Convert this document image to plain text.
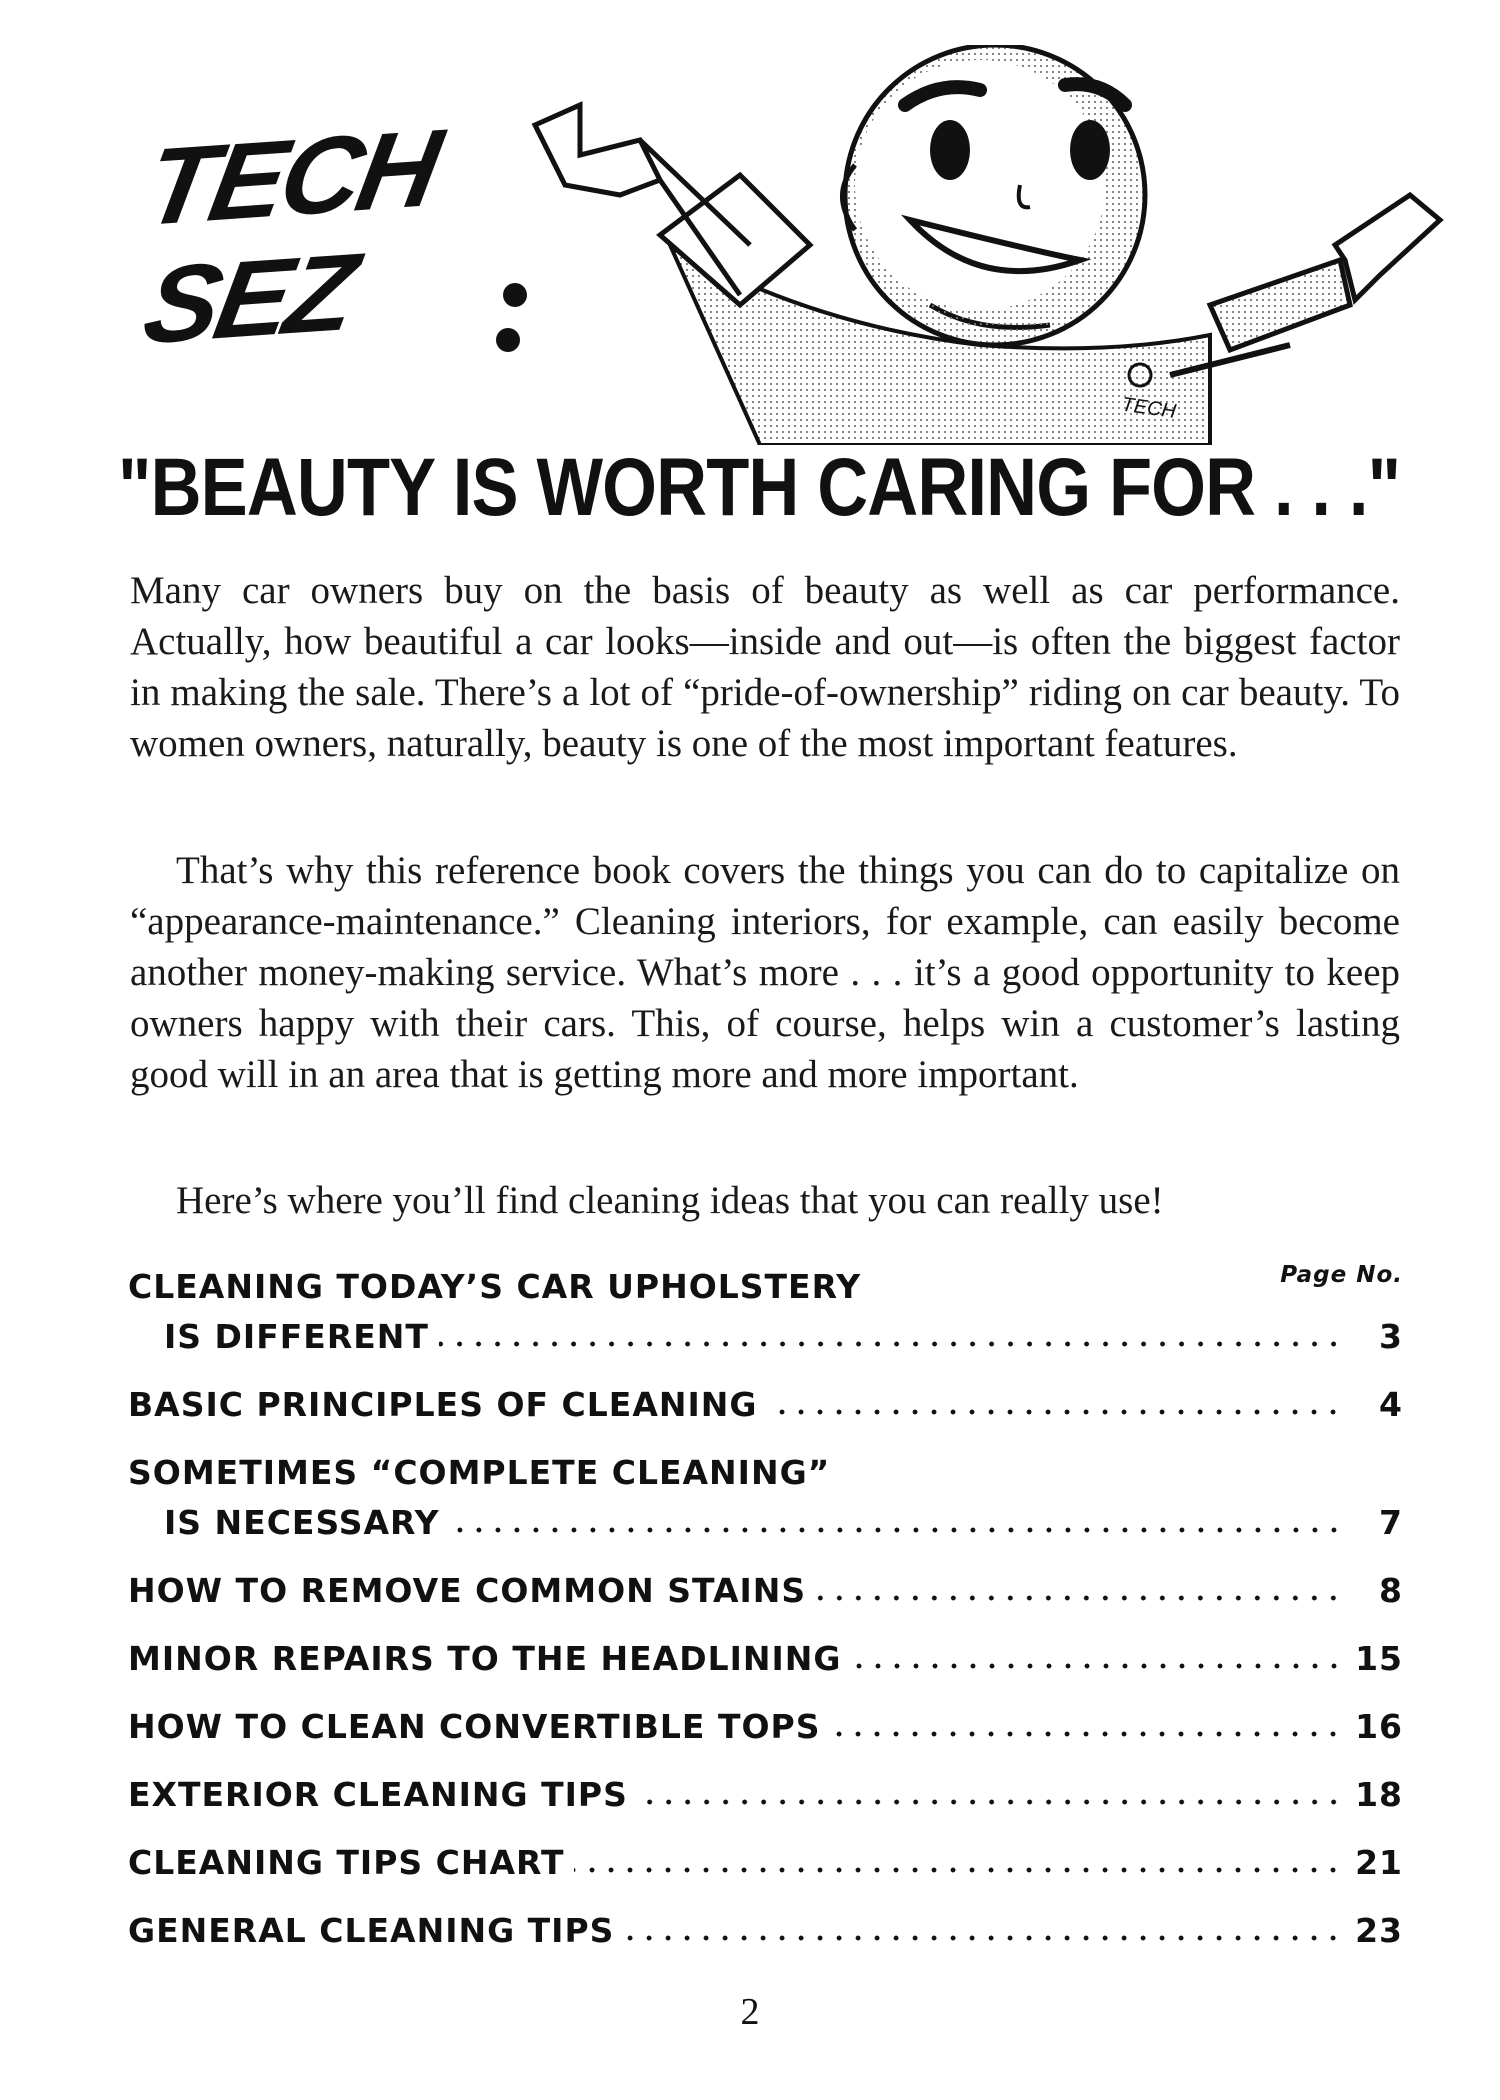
TECH
SEZ
TECH
"BEAUTY IS WORTH CARING FOR . . ."

Many car owners buy on the basis of beauty as well as car performance. Actually, how beautiful a car looks—inside and out—is often the biggest factor in making the sale. There’s a lot of “pride-of-ownership” riding on car beauty. To women owners, naturally, beauty is one of the most important features.

That’s why this reference book covers the things you can do to capitalize on “appearance-maintenance.” Cleaning interiors, for example, can easily become another money-making service. What’s more . . . it’s a good opportunity to keep owners happy with their cars. This, of course, helps win a customer’s lasting good will in an area that is getting more and more important.

Here’s where you’ll find cleaning ideas that you can really use!

Page No.
CLEANING TODAY’S CAR UPHOLSTERY
IS DIFFERENT	3
BASIC PRINCIPLES OF CLEANING	4
SOMETIMES “COMPLETE CLEANING”
IS NECESSARY	7
HOW TO REMOVE COMMON STAINS	8
MINOR REPAIRS TO THE HEADLINING	15
HOW TO CLEAN CONVERTIBLE TOPS	16
EXTERIOR CLEANING TIPS	18
CLEANING TIPS CHART	21
GENERAL CLEANING TIPS	23
2
